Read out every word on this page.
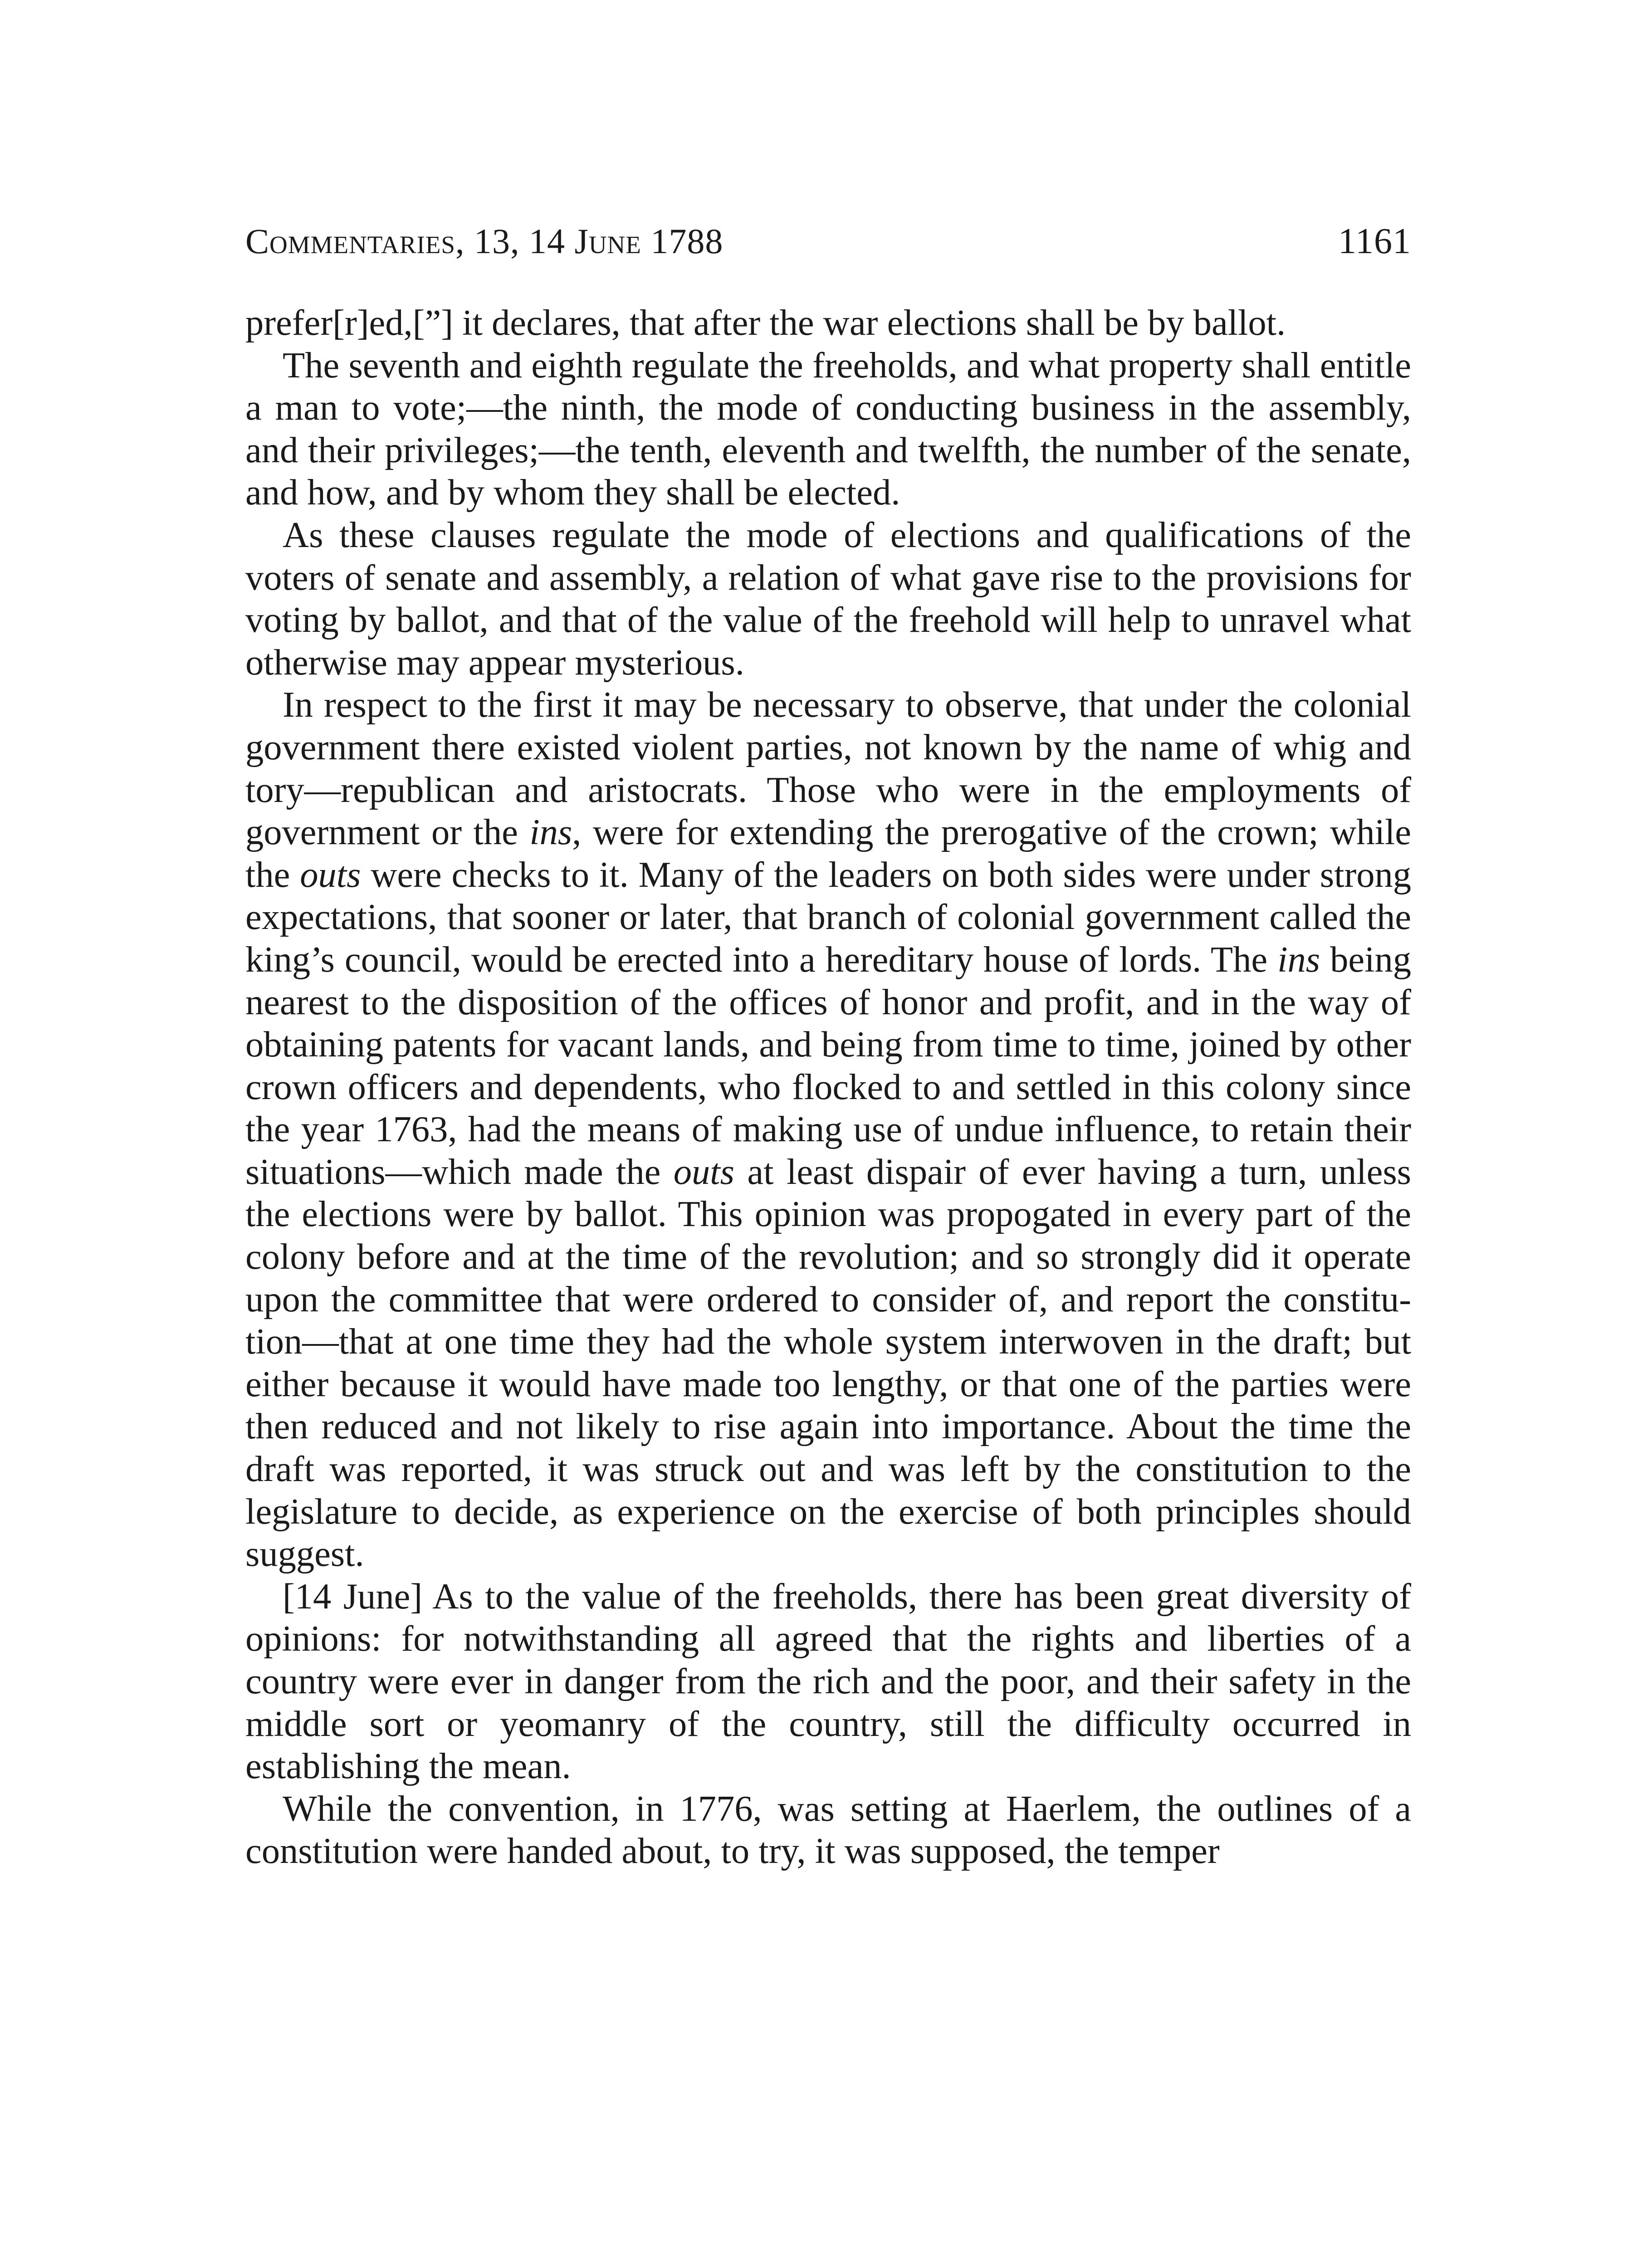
Commentaries, 13, 14 June 1788	1161

prefer[r]ed,[”] it declares, that after the war elections shall be by ballot.

The seventh and eighth regulate the freeholds, and what property shall entitle a man to vote;—the ninth, the mode of conducting business in the assembly, and their privileges;—the tenth, eleventh and twelfth, the number of the senate, and how, and by whom they shall be elected.

As these clauses regulate the mode of elections and qualifications of the voters of senate and assembly, a relation of what gave rise to the provisions for voting by ballot, and that of the value of the freehold will help to unravel what otherwise may appear mysterious.

In respect to the first it may be necessary to observe, that under the colonial government there existed violent parties, not known by the name of whig and tory—republican and aristocrats. Those who were in the employments of government or the ins, were for extending the prerogative of the crown; while the outs were checks to it. Many of the leaders on both sides were under strong expectations, that sooner or later, that branch of colonial government called the king’s council, would be erected into a hereditary house of lords. The ins being nearest to the disposition of the offices of honor and profit, and in the way of obtaining patents for vacant lands, and being from time to time, joined by other crown officers and dependents, who flocked to and settled in this colony since the year 1763, had the means of making use of undue influence, to retain their situations—which made the outs at least dispair of ever having a turn, unless the elections were by ballot. This opinion was propogated in every part of the colony before and at the time of the revolution; and so strongly did it operate upon the committee that were ordered to consider of, and report the constitution—that at one time they had the whole system interwoven in the draft; but either because it would have made too lengthy, or that one of the parties were then reduced and not likely to rise again into importance. About the time the draft was reported, it was struck out and was left by the constitution to the legislature to decide, as experience on the exercise of both principles should suggest.

[14 June] As to the value of the freeholds, there has been great diversity of opinions: for notwithstanding all agreed that the rights and liberties of a country were ever in danger from the rich and the poor, and their safety in the middle sort or yeomanry of the country, still the difficulty occurred in establishing the mean.

While the convention, in 1776, was setting at Haerlem, the outlines of a constitution were handed about, to try, it was supposed, the temper
